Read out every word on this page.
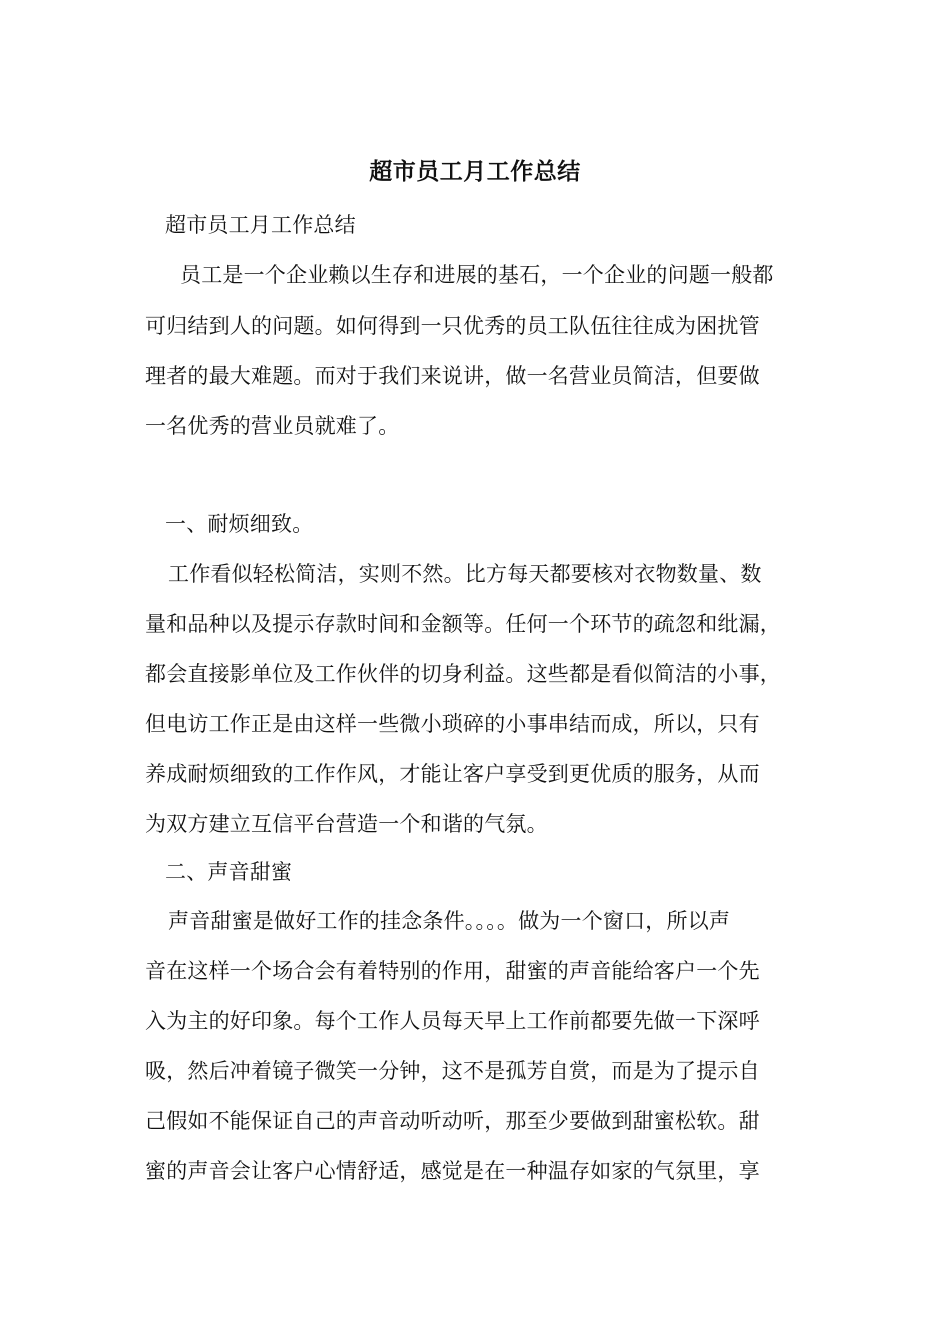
超市员工月工作总结
超市员工月工作总结
员工是一个企业赖以生存和进展的基石，一个企业的问题一般都
可归结到人的问题。如何得到一只优秀的员工队伍往往成为困扰管
理者的最大难题。而对于我们来说讲，做一名营业员简洁，但要做
一名优秀的营业员就难了。
一、耐烦细致。
工作看似轻松简洁，实则不然。比方每天都要核对衣物数量、数
量和品种以及提示存款时间和金额等。任何一个环节的疏忽和纰漏，
都会直接影单位及工作伙伴的切身利益。这些都是看似简洁的小事，
但电访工作正是由这样一些微小琐碎的小事串结而成，所以，只有
养成耐烦细致的工作作风，才能让客户享受到更优质的服务，从而
为双方建立互信平台营造一个和谐的气氛。
二、声音甜蜜
声音甜蜜是做好工作的挂念条件。。。。做为一个窗口，所以声
音在这样一个场合会有着特别的作用，甜蜜的声音能给客户一个先
入为主的好印象。每个工作人员每天早上工作前都要先做一下深呼
吸，然后冲着镜子微笑一分钟，这不是孤芳自赏，而是为了提示自
己假如不能保证自己的声音动听动听，那至少要做到甜蜜松软。甜
蜜的声音会让客户心情舒适，感觉是在一种温存如家的气氛里，享
